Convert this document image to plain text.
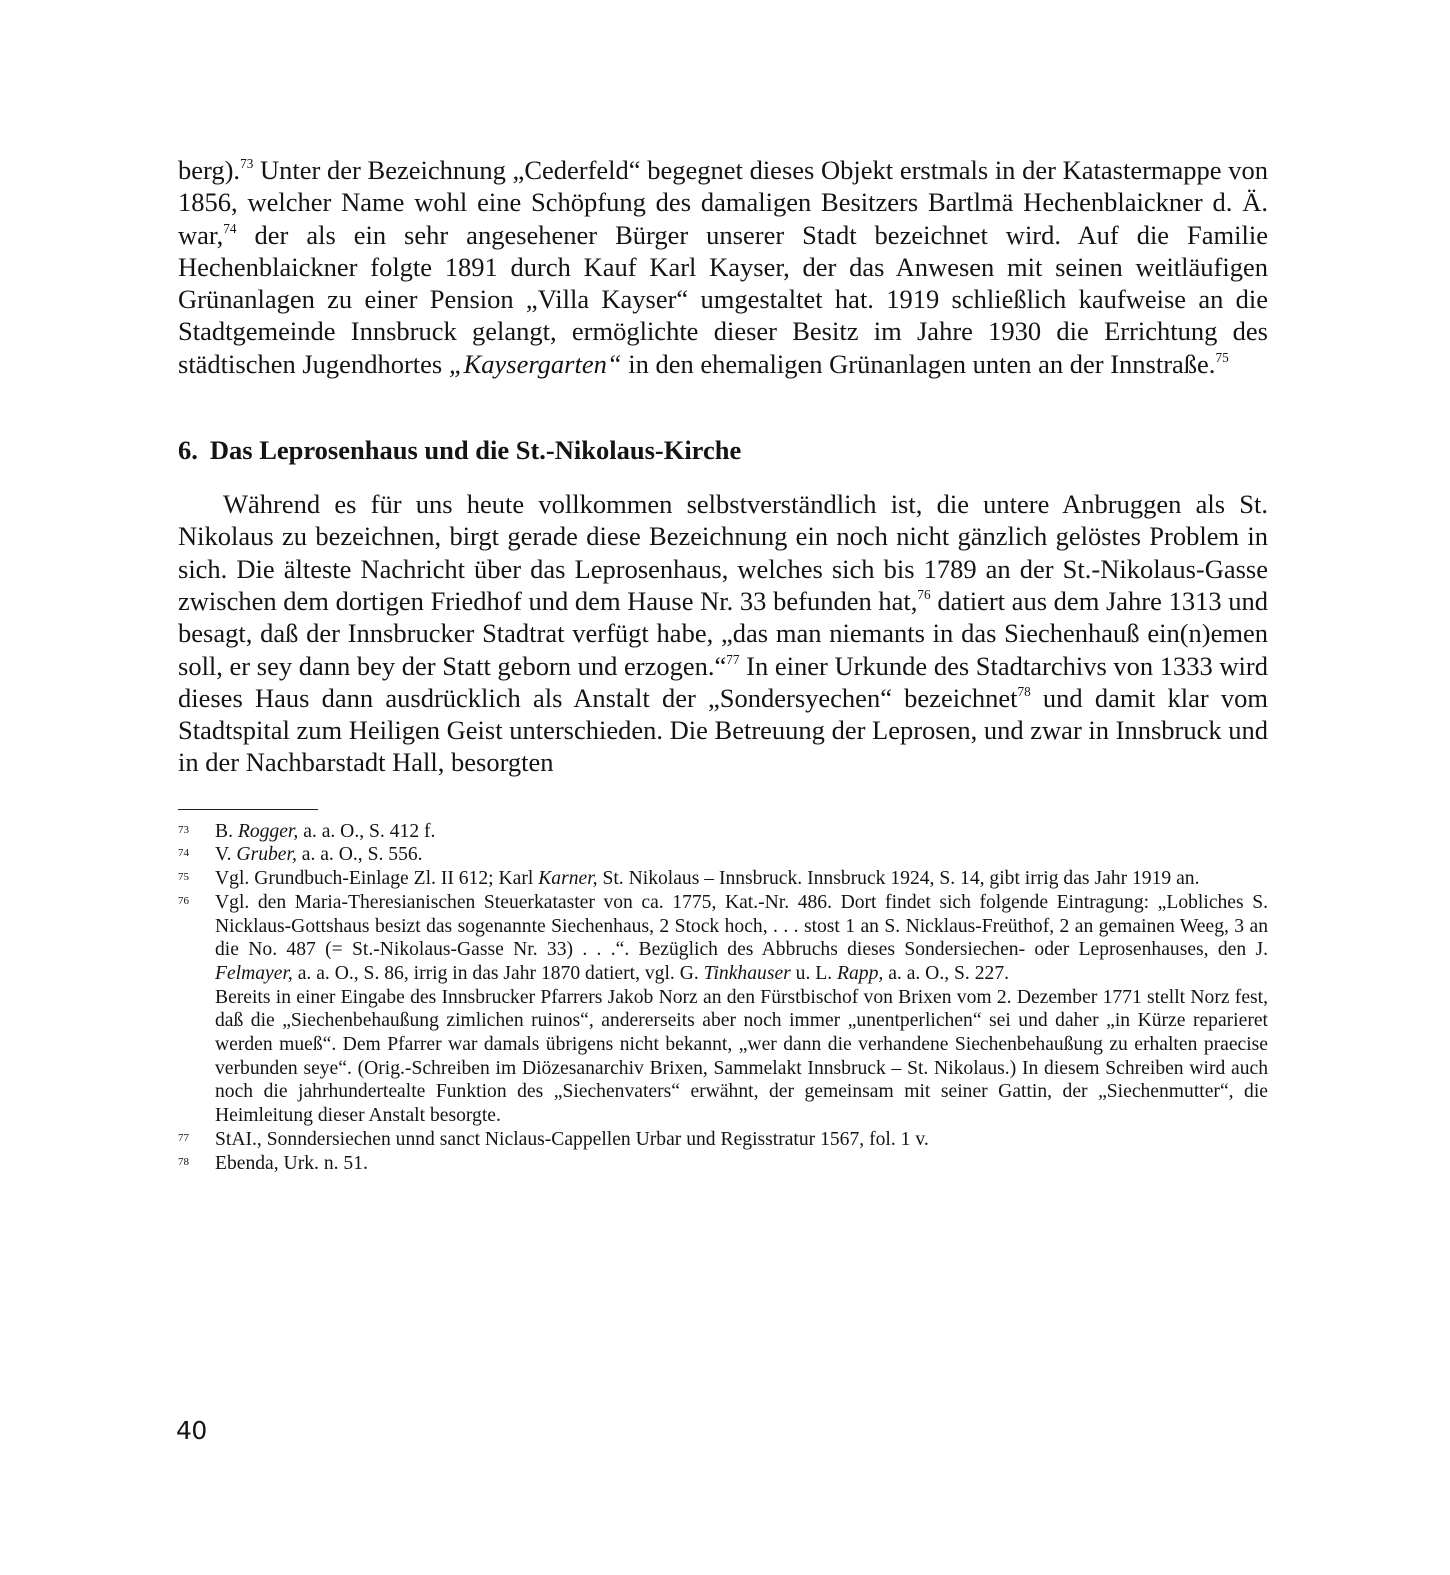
berg).$^{73}$ Unter der Bezeichnung „Cederfeld“ begegnet dieses Objekt erstmals in der Katastermappe von 1856, welcher Name wohl eine Schöpfung des damaligen Besitzers Bartlmä Hechenblaickner d. Ä. war,$^{74}$ der als ein sehr angesehener Bürger unserer Stadt bezeichnet wird. Auf die Familie Hechenblaickner folgte 1891 durch Kauf Karl Kayser, der das Anwesen mit seinen weitläufigen Grünanlagen zu einer Pension „Villa Kayser“ umgestaltet hat. 1919 schließlich kaufweise an die Stadtgemeinde Innsbruck gelangt, ermöglichte dieser Besitz im Jahre 1930 die Errichtung des städtischen Jugendhortes „Kaysergarten“ in den ehemaligen Grünanlagen unten an der Innstraße.$^{75}$

6. Das Leprosenhaus und die St.-Nikolaus-Kirche

Während es für uns heute vollkommen selbstverständlich ist, die untere Anbruggen als St. Nikolaus zu bezeichnen, birgt gerade diese Bezeichnung ein noch nicht gänzlich gelöstes Problem in sich. Die älteste Nachricht über das Leprosenhaus, welches sich bis 1789 an der St.-Nikolaus-Gasse zwischen dem dortigen Friedhof und dem Hause Nr. 33 befunden hat,$^{76}$ datiert aus dem Jahre 1313 und besagt, daß der Innsbrucker Stadtrat verfügt habe, „das man niemants in das Siechenhauß ein(n)emen soll, er sey dann bey der Statt geborn und erzogen.“$^{77}$ In einer Urkunde des Stadtarchivs von 1333 wird dieses Haus dann ausdrücklich als Anstalt der „Sondersyechen“ bezeichnet$^{78}$ und damit klar vom Stadtspital zum Heiligen Geist unterschieden. Die Betreuung der Leprosen, und zwar in Innsbruck und in der Nachbarstadt Hall, besorgten

73 B. Rogger, a. a. O., S. 412 f.

74 V. Gruber, a. a. O., S. 556.

75 Vgl. Grundbuch-Einlage Zl. II 612; Karl Karner, St. Nikolaus – Innsbruck. Innsbruck 1924, S. 14, gibt irrig das Jahr 1919 an.

76 Vgl. den Maria-Theresianischen Steuerkataster von ca. 1775, Kat.-Nr. 486. Dort findet sich folgende Eintragung: „Lobliches S. Nicklaus-Gottshaus besizt das sogenannte Siechenhaus, 2 Stock hoch, . . . stost 1 an S. Nicklaus-Freüthof, 2 an gemainen Weeg, 3 an die No. 487 (= St.-Nikolaus-Gasse Nr. 33) . . .“. Bezüglich des Abbruchs dieses Sondersiechen- oder Leprosenhauses, den J. Felmayer, a. a. O., S. 86, irrig in das Jahr 1870 datiert, vgl. G. Tinkhauser u. L. Rapp, a. a. O., S. 227.

Bereits in einer Eingabe des Innsbrucker Pfarrers Jakob Norz an den Fürstbischof von Brixen vom 2. Dezember 1771 stellt Norz fest, daß die „Siechenbehaußung zimlichen ruinos“, andererseits aber noch immer „unentperlichen“ sei und daher „in Kürze reparieret werden mueß“. Dem Pfarrer war damals übrigens nicht bekannt, „wer dann die verhandene Siechenbehaußung zu erhalten praecise verbunden seye“. (Orig.-Schreiben im Diözesanarchiv Brixen, Sammelakt Innsbruck – St. Nikolaus.) In diesem Schreiben wird auch noch die jahrhundertealte Funktion des „Siechenvaters“ erwähnt, der gemeinsam mit seiner Gattin, der „Siechenmutter“, die Heimleitung dieser Anstalt besorgte.

77 StAI., Sonndersiechen unnd sanct Niclaus-Cappellen Urbar und Regisstratur 1567, fol. 1 v.

78 Ebenda, Urk. n. 51.

40
